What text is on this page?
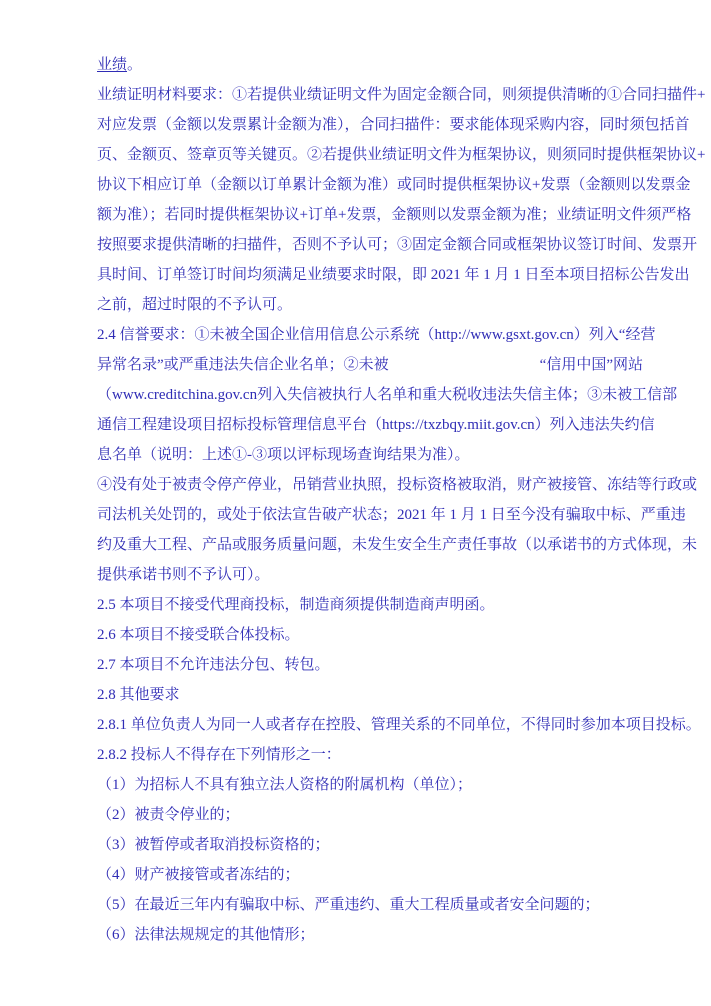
业绩。
业绩证明材料要求：①若提供业绩证明文件为固定金额合同，则须提供清晰的①合同扫描件+
对应发票（金额以发票累计金额为准），合同扫描件：要求能体现采购内容，同时须包括首
页、金额页、签章页等关键页。②若提供业绩证明文件为框架协议，则须同时提供框架协议+
协议下相应订单（金额以订单累计金额为准）或同时提供框架协议+发票（金额则以发票金
额为准）；若同时提供框架协议+订单+发票，金额则以发票金额为准；业绩证明文件须严格
按照要求提供清晰的扫描件，否则不予认可；③固定金额合同或框架协议签订时间、发票开
具时间、订单签订时间均须满足业绩要求时限，即 2021 年 1 月 1 日至本项目招标公告发出
之前，超过时限的不予认可。
2.4 信誉要求：①未被全国企业信用信息公示系统（http://www.gsxt.gov.cn）列入“经营
异常名录”或严重违法失信企业名单；②未被	“信用中国”网站
（www.creditchina.gov.cn列入失信被执行人名单和重大税收违法失信主体；③未被工信部
通信工程建设项目招标投标管理信息平台（https://txzbqy.miit.gov.cn）列入违法失约信
息名单（说明：上述①-③项以评标现场查询结果为准）。
④没有处于被责令停产停业，吊销营业执照，投标资格被取消，财产被接管、冻结等行政或
司法机关处罚的，或处于依法宣告破产状态；2021 年 1 月 1 日至今没有骗取中标、严重违
约及重大工程、产品或服务质量问题，未发生安全生产责任事故（以承诺书的方式体现，未
提供承诺书则不予认可）。
2.5 本项目不接受代理商投标，制造商须提供制造商声明函。
2.6 本项目不接受联合体投标。
2.7 本项目不允许违法分包、转包。
2.8 其他要求
2.8.1 单位负责人为同一人或者存在控股、管理关系的不同单位，不得同时参加本项目投标。
2.8.2 投标人不得存在下列情形之一：
（1）为招标人不具有独立法人资格的附属机构（单位）；
（2）被责令停业的；
（3）被暂停或者取消投标资格的；
（4）财产被接管或者冻结的；
（5）在最近三年内有骗取中标、严重违约、重大工程质量或者安全问题的；
（6）法律法规规定的其他情形；
